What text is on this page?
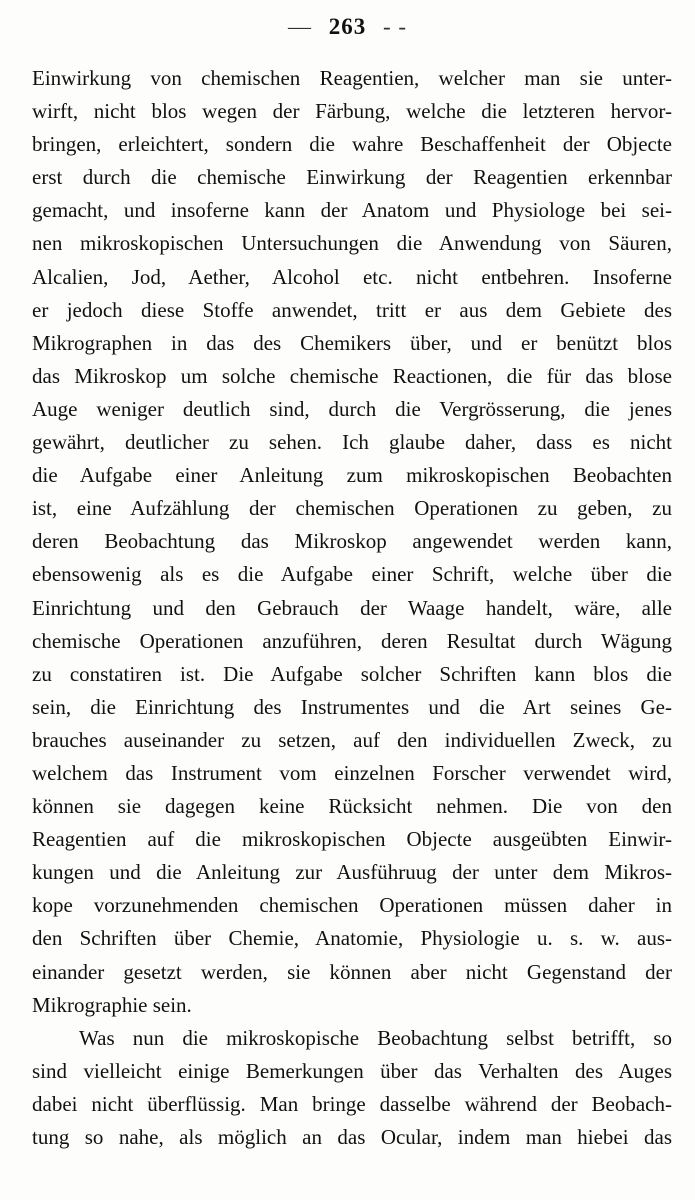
— 263 - -
Einwirkung von chemischen Reagentien, welcher man sie unter-
wirft, nicht blos wegen der Färbung, welche die letzteren hervor-
bringen, erleichtert, sondern die wahre Beschaffenheit der Objecte
erst durch die chemische Einwirkung der Reagentien erkennbar
gemacht, und insoferne kann der Anatom und Physiologe bei sei-
nen mikroskopischen Untersuchungen die Anwendung von Säuren,
Alcalien, Jod, Aether, Alcohol etc. nicht entbehren. Insoferne
er jedoch diese Stoffe anwendet, tritt er aus dem Gebiete des
Mikrographen in das des Chemikers über, und er benützt blos
das Mikroskop um solche chemische Reactionen, die für das blose
Auge weniger deutlich sind, durch die Vergrösserung, die jenes
gewährt, deutlicher zu sehen. Ich glaube daher, dass es nicht
die Aufgabe einer Anleitung zum mikroskopischen Beobachten
ist, eine Aufzählung der chemischen Operationen zu geben, zu
deren Beobachtung das Mikroskop angewendet werden kann,
ebensowenig als es die Aufgabe einer Schrift, welche über die
Einrichtung und den Gebrauch der Waage handelt, wäre, alle
chemische Operationen anzuführen, deren Resultat durch Wägung
zu constatiren ist. Die Aufgabe solcher Schriften kann blos die
sein, die Einrichtung des Instrumentes und die Art seines Ge-
brauches auseinander zu setzen, auf den individuellen Zweck, zu
welchem das Instrument vom einzelnen Forscher verwendet wird,
können sie dagegen keine Rücksicht nehmen. Die von den
Reagentien auf die mikroskopischen Objecte ausgeübten Einwir-
kungen und die Anleitung zur Ausführuug der unter dem Mikros-
kope vorzunehmenden chemischen Operationen müssen daher in
den Schriften über Chemie, Anatomie, Physiologie u. s. w. aus-
einander gesetzt werden, sie können aber nicht Gegenstand der
Mikrographie sein.
Was nun die mikroskopische Beobachtung selbst betrifft, so
sind vielleicht einige Bemerkungen über das Verhalten des Auges
dabei nicht überflüssig. Man bringe dasselbe während der Beobach-
tung so nahe, als möglich an das Ocular, indem man hiebei das
